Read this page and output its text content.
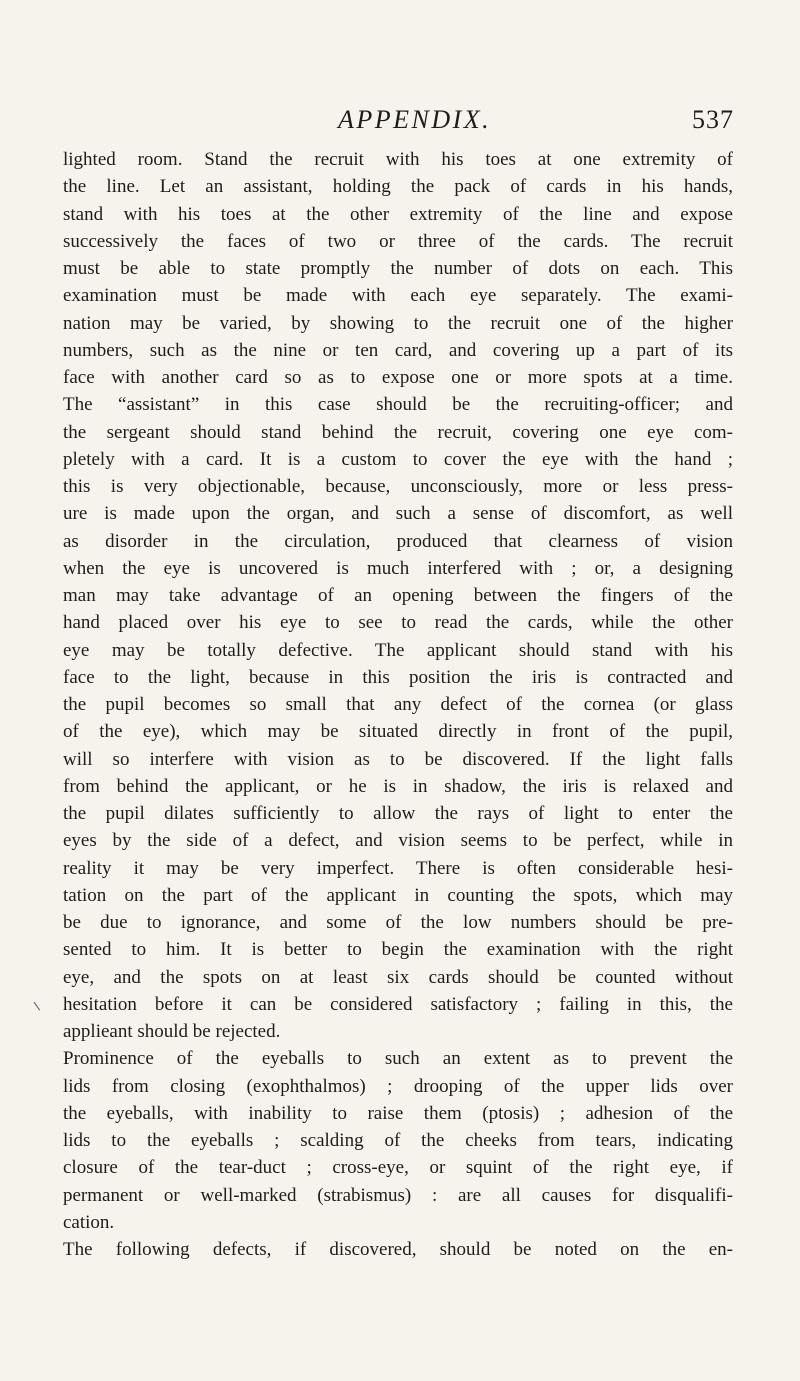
APPENDIX.	537

lighted room. Stand the recruit with his toes at one extremity of
the line. Let an assistant, holding the pack of cards in his hands,
stand with his toes at the other extremity of the line and expose
successively the faces of two or three of the cards. The recruit
must be able to state promptly the number of dots on each. This
examination must be made with each eye separately. The exami-
nation may be varied, by showing to the recruit one of the higher
numbers, such as the nine or ten card, and covering up a part of its
face with another card so as to expose one or more spots at a time.
The “assistant” in this case should be the recruiting-officer; and
the sergeant should stand behind the recruit, covering one eye com-
pletely with a card. It is a custom to cover the eye with the hand ;
this is very objectionable, because, unconsciously, more or less press-
ure is made upon the organ, and such a sense of discomfort, as well
as disorder in the circulation, produced that clearness of vision
when the eye is uncovered is much interfered with ; or, a designing
man may take advantage of an opening between the fingers of the
hand placed over his eye to see to read the cards, while the other
eye may be totally defective. The applicant should stand with his
face to the light, because in this position the iris is contracted and
the pupil becomes so small that any defect of the cornea (or glass
of the eye), which may be situated directly in front of the pupil,
will so interfere with vision as to be discovered. If the light falls
from behind the applicant, or he is in shadow, the iris is relaxed and
the pupil dilates sufficiently to allow the rays of light to enter the
eyes by the side of a defect, and vision seems to be perfect, while in
reality it may be very imperfect. There is often considerable hesi-
tation on the part of the applicant in counting the spots, which may
be due to ignorance, and some of the low numbers should be pre-
sented to him. It is better to begin the examination with the right
eye, and the spots on at least six cards should be counted without
hesitation before it can be considered satisfactory ; failing in this, the
applieant should be rejected.

Prominence of the eyeballs to such an extent as to prevent the
lids from closing (exophthalmos) ; drooping of the upper lids over
the eyeballs, with inability to raise them (ptosis) ; adhesion of the
lids to the eyeballs ; scalding of the cheeks from tears, indicating
closure of the tear-duct ; cross-eye, or squint of the right eye, if
permanent or well-marked (strabismus) : are all causes for disqualifi-
cation.

The following defects, if discovered, should be noted on the en-
